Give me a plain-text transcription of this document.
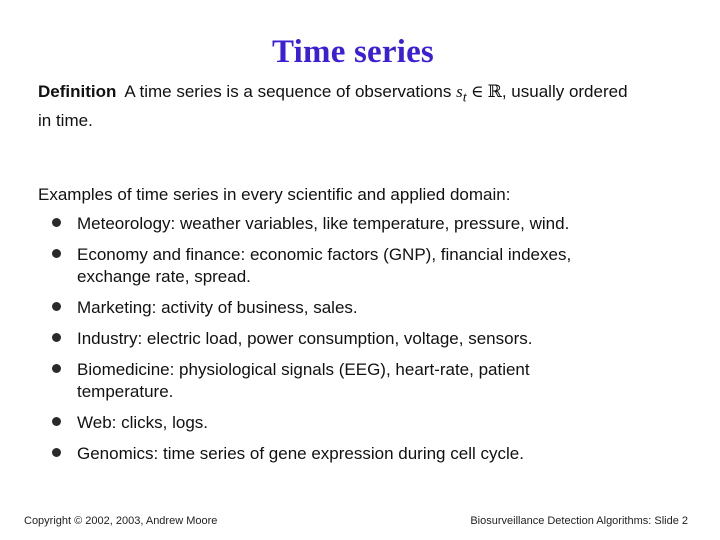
Time series
Definition A time series is a sequence of observations $s_t$ ∈ ℝ, usually ordered in time.
Examples of time series in every scientific and applied domain:
Meteorology: weather variables, like temperature, pressure, wind.
Economy and finance: economic factors (GNP), financial indexes, exchange rate, spread.
Marketing: activity of business, sales.
Industry: electric load, power consumption, voltage, sensors.
Biomedicine: physiological signals (EEG), heart-rate, patient temperature.
Web: clicks, logs.
Genomics: time series of gene expression during cell cycle.
Copyright © 2002, 2003, Andrew Moore	Biosurveillance Detection Algorithms: Slide 2
